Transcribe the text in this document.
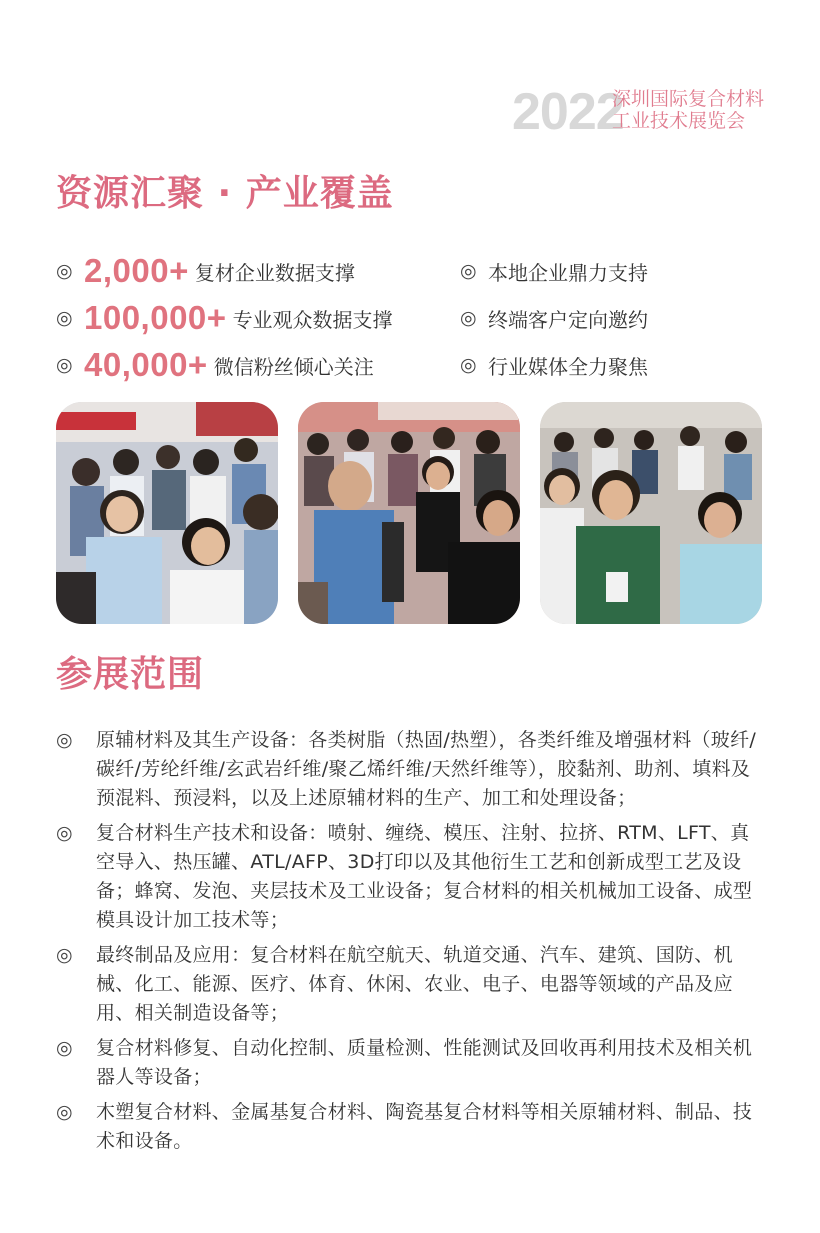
2022
深圳国际复合材料
工业技术展览会
资源汇聚 · 产业覆盖
◎ 2,000+ 复材企业数据支撑
◎ 100,000+ 专业观众数据支撑
◎ 40,000+ 微信粉丝倾心关注
◎ 本地企业鼎力支持
◎ 终端客户定向邀约
◎ 行业媒体全力聚焦
参展范围
◎	原辅材料及其生产设备：各类树脂（热固/热塑），各类纤维及增强材料（玻纤/碳纤/芳纶纤维/玄武岩纤维/聚乙烯纤维/天然纤维等），胶黏剂、助剂、填料及预混料、预浸料，以及上述原辅材料的生产、加工和处理设备；
◎	复合材料生产技术和设备：喷射、缠绕、模压、注射、拉挤、RTM、LFT、真空导入、热压罐、ATL/AFP、3D打印以及其他衍生工艺和创新成型工艺及设备；蜂窝、发泡、夹层技术及工业设备；复合材料的相关机械加工设备、成型模具设计加工技术等；
◎	最终制品及应用：复合材料在航空航天、轨道交通、汽车、建筑、国防、机械、化工、能源、医疗、体育、休闲、农业、电子、电器等领域的产品及应用、相关制造设备等；
◎	复合材料修复、自动化控制、质量检测、性能测试及回收再利用技术及相关机器人等设备；
◎	木塑复合材料、金属基复合材料、陶瓷基复合材料等相关原辅材料、制品、技术和设备。
